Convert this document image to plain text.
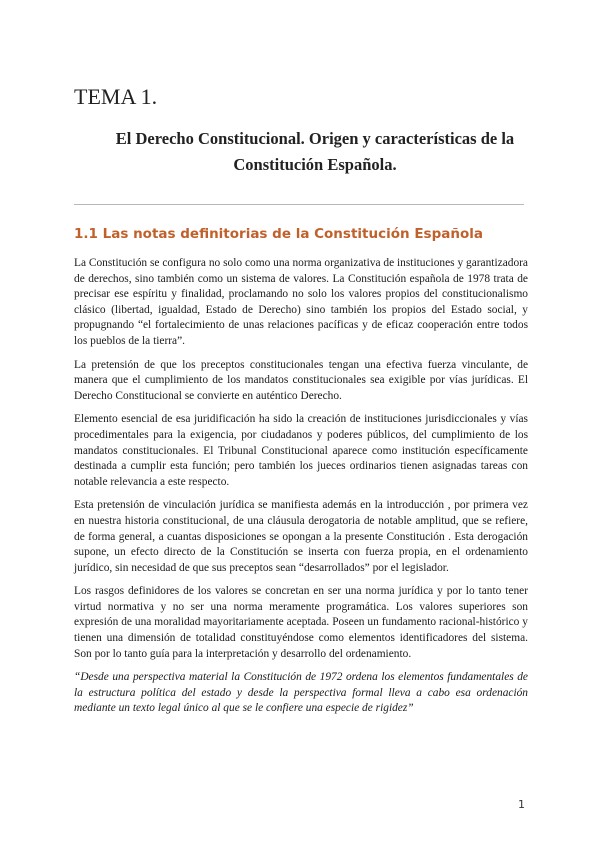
TEMA 1.
El Derecho Constitucional. Origen y características de la Constitución Española.
1.1 Las notas definitorias de la Constitución Española

La Constitución se configura no solo como una norma organizativa de instituciones y garantizadora de derechos, sino también como un sistema de valores. La Constitución española de 1978 trata de precisar ese espíritu y finalidad, proclamando no solo los valores propios del constitucionalismo clásico (libertad, igualdad, Estado de Derecho) sino también los propios del Estado social, y propugnando “el fortalecimiento de unas relaciones pacíficas y de eficaz cooperación entre todos los pueblos de la tierra”.

La pretensión de que los preceptos constitucionales tengan una efectiva fuerza vinculante, de manera que el cumplimiento de los mandatos constitucionales sea exigible por vías jurídicas. El Derecho Constitucional se convierte en auténtico Derecho.

Elemento esencial de esa juridificación ha sido la creación de instituciones jurisdiccionales y vías procedimentales para la exigencia, por ciudadanos y poderes públicos, del cumplimiento de los mandatos constitucionales. El Tribunal Constitucional aparece como institución específicamente destinada a cumplir esta función; pero también los jueces ordinarios tienen asignadas tareas con notable relevancia a este respecto.

Esta pretensión de vinculación jurídica se manifiesta además en la introducción , por primera vez en nuestra historia constitucional, de una cláusula derogatoria de notable amplitud, que se refiere, de forma general, a cuantas disposiciones se opongan a la presente Constitución . Esta derogación supone, un efecto directo de la Constitución se inserta con fuerza propia, en el ordenamiento jurídico, sin necesidad de que sus preceptos sean “desarrollados” por el legislador.

Los rasgos definidores de los valores se concretan en ser una norma jurídica y por lo tanto tener virtud normativa y no ser una norma meramente programática. Los valores superiores son expresión de una moralidad mayoritariamente aceptada. Poseen un fundamento racional-histórico y tienen una dimensión de totalidad constituyéndose como elementos identificadores del sistema. Son por lo tanto guía para la interpretación y desarrollo del ordenamiento.

“Desde una perspectiva material la Constitución de 1972 ordena los elementos fundamentales de la estructura política del estado y desde la perspectiva formal lleva a cabo esa ordenación mediante un texto legal único al que se le confiere una especie de rigidez”

1
